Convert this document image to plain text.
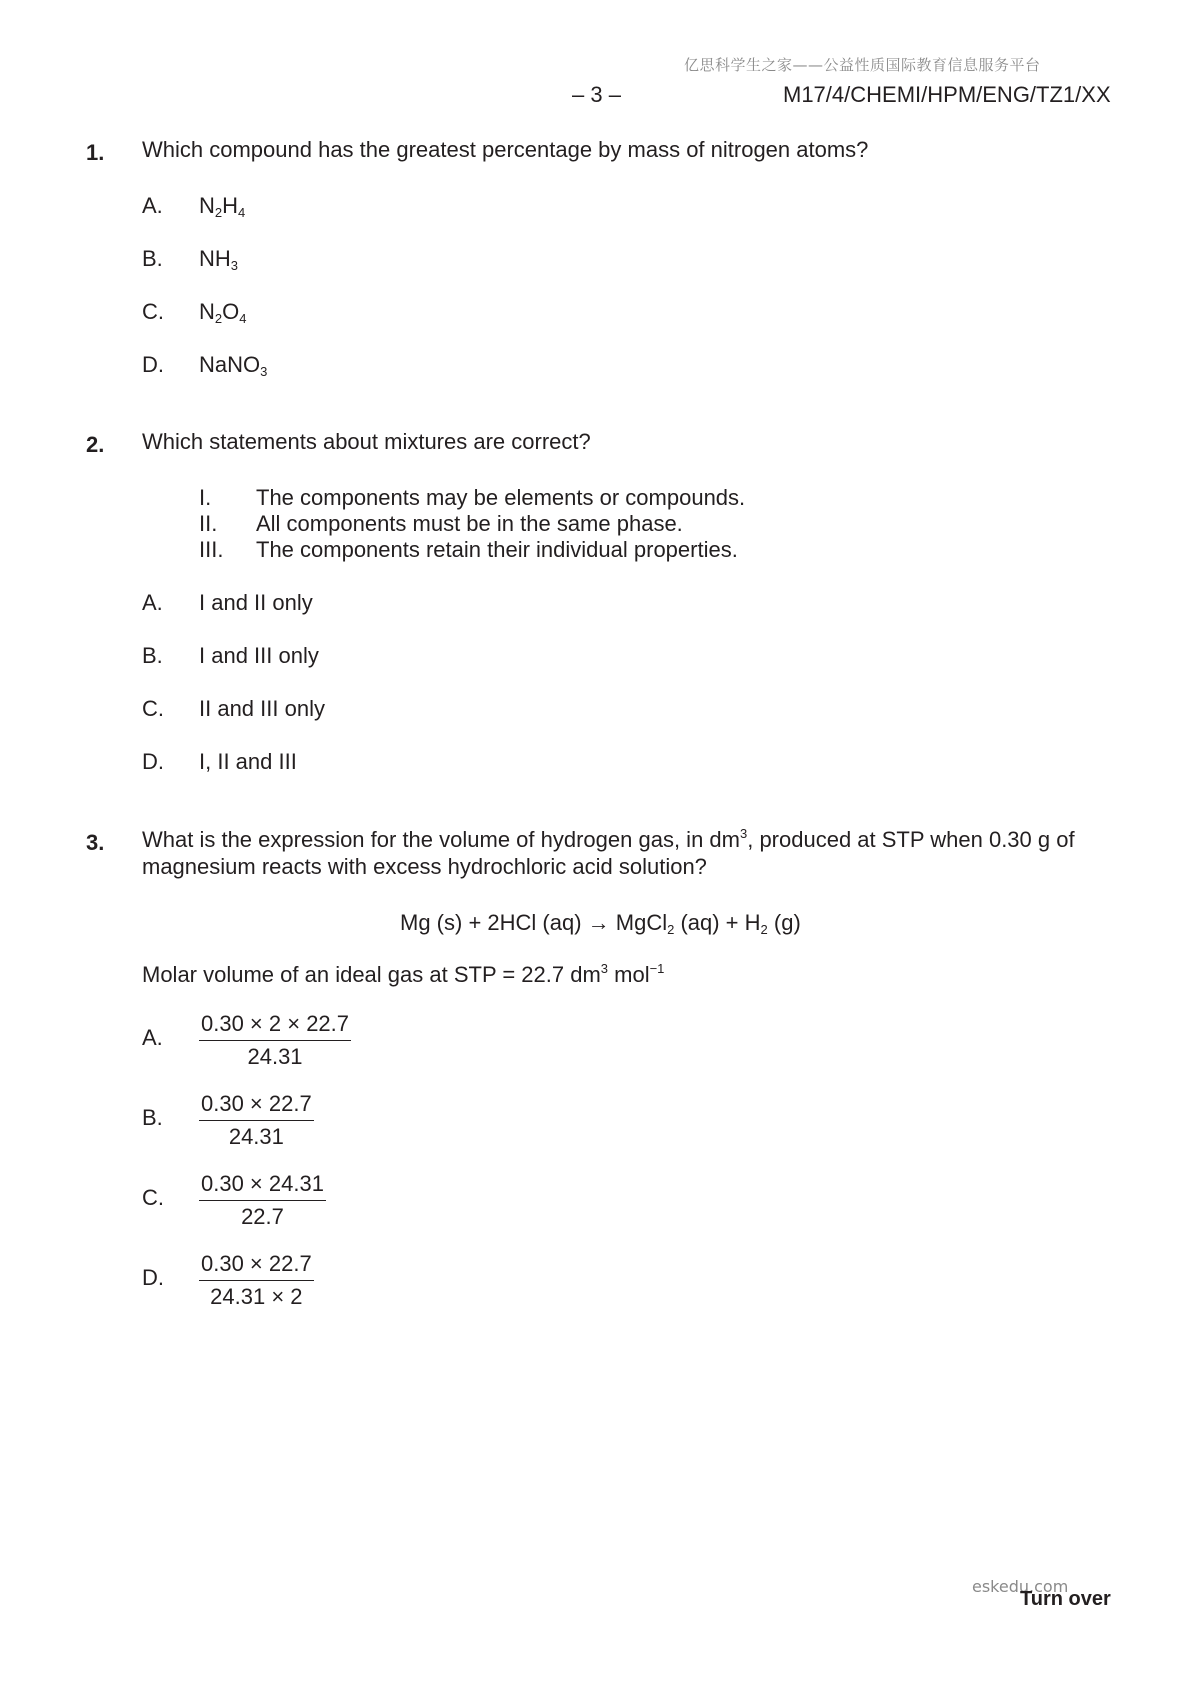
亿思科学生之家——公益性质国际教育信息服务平台
– 3 –	M17/4/CHEMI/HPM/ENG/TZ1/XX
1. Which compound has the greatest percentage by mass of nitrogen atoms?
A. $N_2H_4$
B. $NH_3$
C. $N_2O_4$
D. NaNO$_3$
2. Which statements about mixtures are correct?
I. The components may be elements or compounds.
II. All components must be in the same phase.
III. The components retain their individual properties.
A. I and II only
B. I and III only
C. II and III only
D. I, II and III
3. What is the expression for the volume of hydrogen gas, in $dm^3$, produced at STP when 0.30 g of
magnesium reacts with excess hydrochloric acid solution?
Mg (s) + 2HCl (aq) → MgCl$_2$ $(aq) + H_2$ (g)
Molar volume of an ideal gas at STP = 22.7 $dm^3$ mol$^{-1}$
A. $\frac{0.30 \times 2 \times 22.7}{24.31}$
B. $\frac{0.30 \times 22.7}{24.31}$
C. $\frac{0.30 \times 24.31}{22.7}$
D. $\frac{0.30 \times 22.7}{24.31 \times 2}$
eskedu.com
Turn over
